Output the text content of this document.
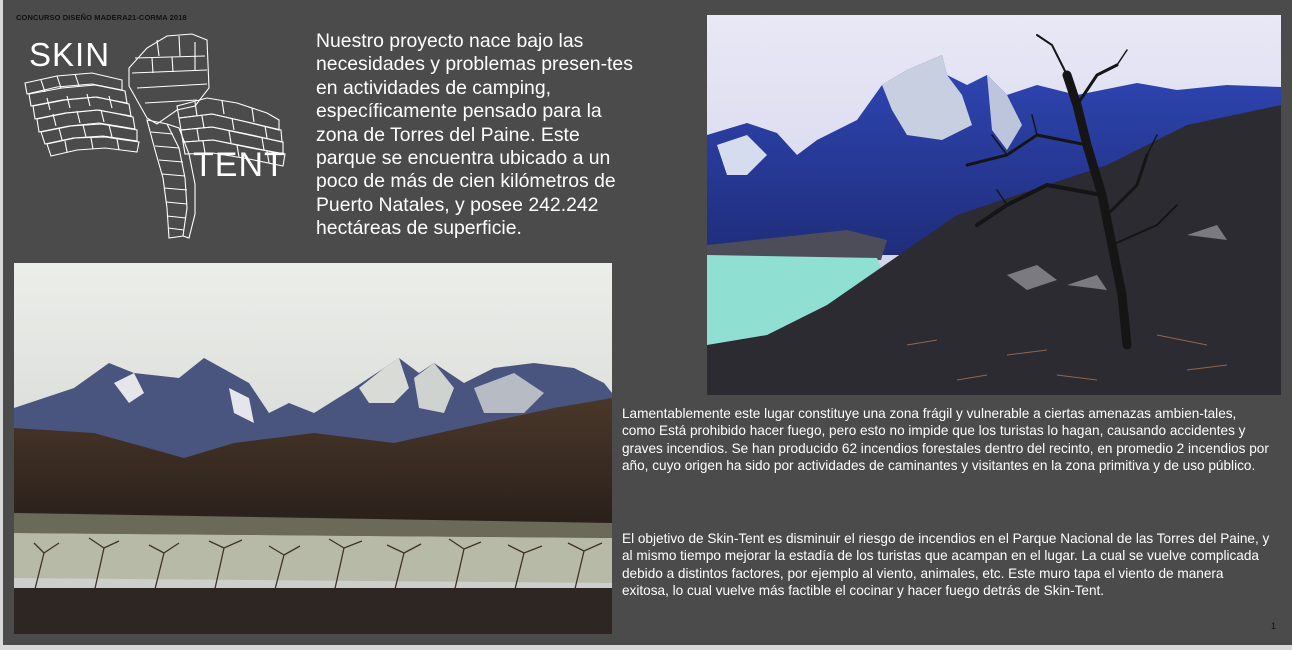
CONCURSO DISEÑO MADERA21-CORMA 2018
SKIN
TENT
Nuestro proyecto nace bajo las necesidades y problemas presen-tes en actividades de camping, específicamente pensado para la zona de Torres del Paine. Este parque se encuentra ubicado a un poco de más de cien kilómetros de Puerto Natales, y posee 242.242 hectáreas de superficie.
Lamentablemente este lugar constituye una zona frágil y vulnerable a ciertas amenazas ambien-tales, como Está prohibido hacer fuego, pero esto no impide que los turistas lo hagan, causando accidentes y graves incendios. Se han producido 62 incendios forestales dentro del recinto, en promedio 2 incendios por año, cuyo origen ha sido por actividades de caminantes y visitantes en la zona primitiva y de uso público.
El objetivo de Skin-Tent es disminuir el riesgo de incendios en el Parque Nacional de las Torres del Paine, y al mismo tiempo mejorar la estadía de los turistas que acampan en el lugar. La cual se vuelve complicada debido a distintos factores, por ejemplo al viento, animales, etc. Este muro tapa el viento de manera exitosa, lo cual vuelve más factible el cocinar y hacer fuego detrás de Skin-Tent.
1
